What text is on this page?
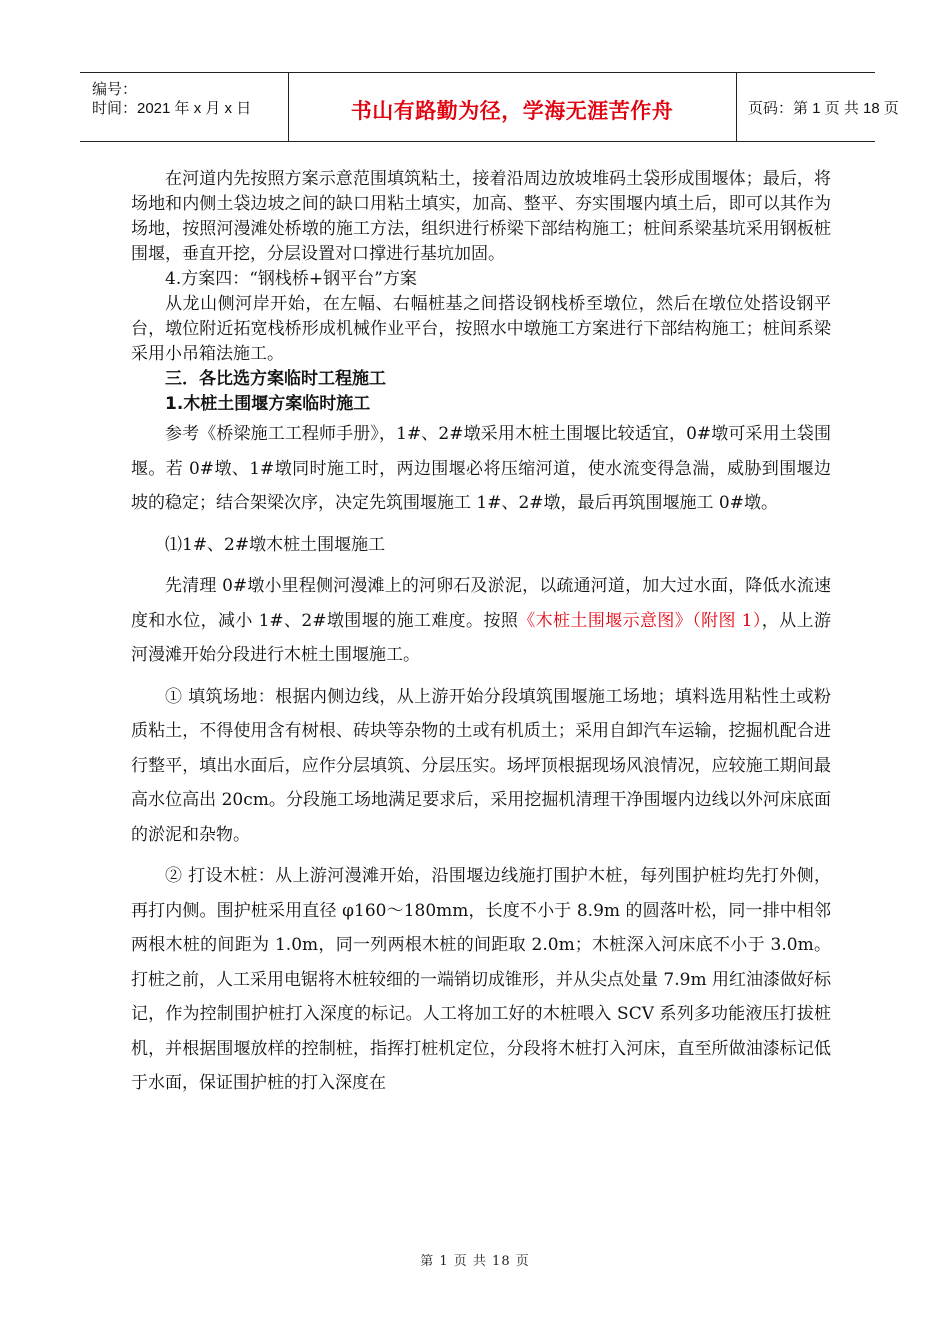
编号：
时间：2021 年 x 月 x 日	书山有路勤为径，学海无涯苦作舟	页码：第 1 页 共 18 页

在河道内先按照方案示意范围填筑粘土，接着沿周边放坡堆码土袋形成围堰体；最后，将场地和内侧土袋边坡之间的缺口用粘土填实，加高、整平、夯实围堰内填土后，即可以其作为场地，按照河漫滩处桥墩的施工方法，组织进行桥梁下部结构施工；桩间系梁基坑采用钢板桩围堰，垂直开挖，分层设置对口撑进行基坑加固。

4.方案四：“钢栈桥+钢平台”方案

从龙山侧河岸开始，在左幅、右幅桩基之间搭设钢栈桥至墩位，然后在墩位处搭设钢平台，墩位附近拓宽栈桥形成机械作业平台，按照水中墩施工方案进行下部结构施工；桩间系梁采用小吊箱法施工。

三．各比选方案临时工程施工

1.木桩土围堰方案临时施工

参考《桥梁施工工程师手册》，1#、2#墩采用木桩土围堰比较适宜，0#墩可采用土袋围堰。若 0#墩、1#墩同时施工时，两边围堰必将压缩河道，使水流变得急湍，威胁到围堰边坡的稳定；结合架梁次序，决定先筑围堰施工 1#、2#墩，最后再筑围堰施工 0#墩。

⑴1#、2#墩木桩土围堰施工

先清理 0#墩小里程侧河漫滩上的河卵石及淤泥，以疏通河道，加大过水面，降低水流速度和水位，减小 1#、2#墩围堰的施工难度。按照《木桩土围堰示意图》（附图 1），从上游河漫滩开始分段进行木桩土围堰施工。

① 填筑场地：根据内侧边线，从上游开始分段填筑围堰施工场地；填料选用粘性土或粉质粘土，不得使用含有树根、砖块等杂物的土或有机质土；采用自卸汽车运输，挖掘机配合进行整平，填出水面后，应作分层填筑、分层压实。场坪顶根据现场风浪情况，应较施工期间最高水位高出 20cm。分段施工场地满足要求后，采用挖掘机清理干净围堰内边线以外河床底面的淤泥和杂物。

② 打设木桩：从上游河漫滩开始，沿围堰边线施打围护木桩，每列围护桩均先打外侧，再打内侧。围护桩采用直径 φ160～180mm，长度不小于 8.9m 的圆落叶松，同一排中相邻两根木桩的间距为 1.0m，同一列两根木桩的间距取 2.0m；木桩深入河床底不小于 3.0m。打桩之前，人工采用电锯将木桩较细的一端销切成锥形，并从尖点处量 7.9m 用红油漆做好标记，作为控制围护桩打入深度的标记。人工将加工好的木桩喂入 SCV 系列多功能液压打拔桩机，并根据围堰放样的控制桩，指挥打桩机定位，分段将木桩打入河床，直至所做油漆标记低于水面，保证围护桩的打入深度在

第 1 页 共 18 页
